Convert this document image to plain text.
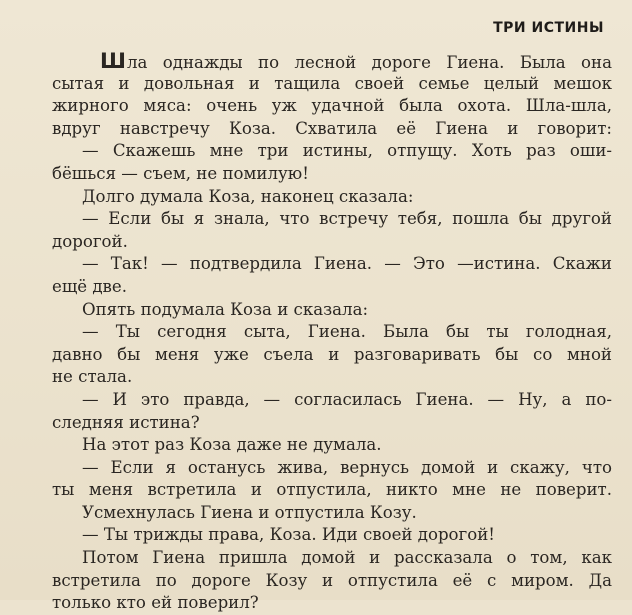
ТРИ ИСТИНЫ
Шла однажды по лесной дороге Гиена. Была она
сытая и довольная и тащила своей семье целый мешок
жирного мяса: очень уж удачной была охота. Шла-шла,
вдруг навстречу Коза. Схватила её Гиена и говорит:
— Скажешь мне три истины, отпущу. Хоть раз оши-
бёшься — съем, не помилую!
Долго думала Коза, наконец сказала:
— Если бы я знала, что встречу тебя, пошла бы другой
дорогой.
— Так! — подтвердила Гиена. — Это —истина. Скажи
ещё две.
Опять подумала Коза и сказала:
— Ты сегодня сыта, Гиена. Была бы ты голодная,
давно бы меня уже съела и разговаривать бы со мной
не стала.
— И это правда, — согласилась Гиена. — Ну, а по-
следняя истина?
На этот раз Коза даже не думала.
— Если я останусь жива, вернусь домой и скажу, что
ты меня встретила и отпустила, никто мне не поверит.
Усмехнулась Гиена и отпустила Козу.
— Ты трижды права, Коза. Иди своей дорогой!
Потом Гиена пришла домой и рассказала о том, как
встретила по дороге Козу и отпустила её с миром. Да
только кто ей поверил?
